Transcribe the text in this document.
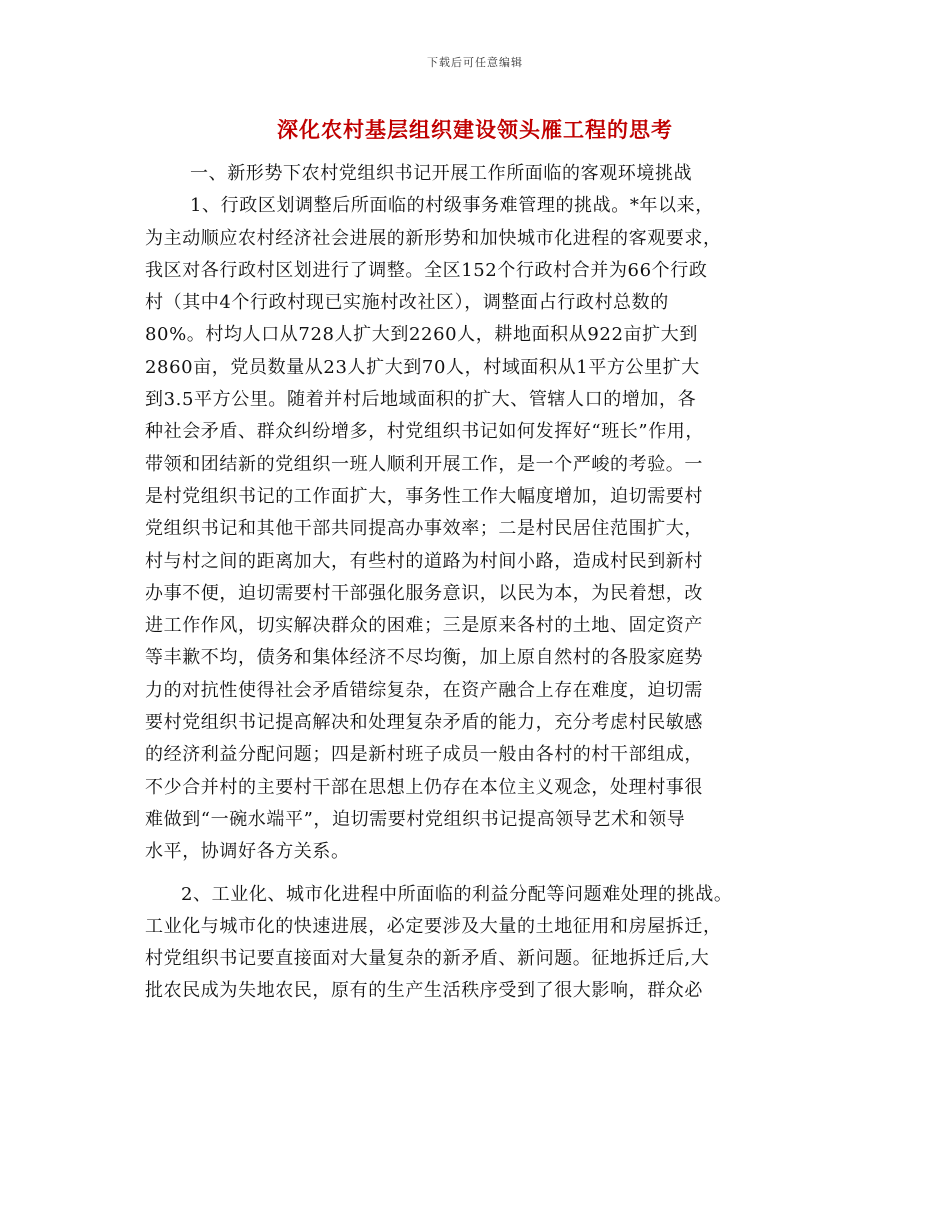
下载后可任意编辑
深化农村基层组织建设领头雁工程的思考
一、新形势下农村党组织书记开展工作所面临的客观环境挑战
1、行政区划调整后所面临的村级事务难管理的挑战。*年以来，
为主动顺应农村经济社会进展的新形势和加快城市化进程的客观要求，
我区对各行政村区划进行了调整。全区152个行政村合并为66个行政
村（其中4个行政村现已实施村改社区），调整面占行政村总数的
80%。村均人口从728人扩大到2260人，耕地面积从922亩扩大到
2860亩，党员数量从23人扩大到70人，村域面积从1平方公里扩大
到3.5平方公里。随着并村后地域面积的扩大、管辖人口的增加，各
种社会矛盾、群众纠纷增多，村党组织书记如何发挥好“班长”作用，
带领和团结新的党组织一班人顺利开展工作，是一个严峻的考验。一
是村党组织书记的工作面扩大，事务性工作大幅度增加，迫切需要村
党组织书记和其他干部共同提高办事效率；二是村民居住范围扩大，
村与村之间的距离加大，有些村的道路为村间小路，造成村民到新村
办事不便，迫切需要村干部强化服务意识，以民为本，为民着想，改
进工作作风，切实解决群众的困难；三是原来各村的土地、固定资产
等丰歉不均，债务和集体经济不尽均衡，加上原自然村的各股家庭势
力的对抗性使得社会矛盾错综复杂，在资产融合上存在难度，迫切需
要村党组织书记提高解决和处理复杂矛盾的能力，充分考虑村民敏感
的经济利益分配问题；四是新村班子成员一般由各村的村干部组成，
不少合并村的主要村干部在思想上仍存在本位主义观念，处理村事很
难做到“一碗水端平”，迫切需要村党组织书记提高领导艺术和领导
水平，协调好各方关系。
2、工业化、城市化进程中所面临的利益分配等问题难处理的挑战。
工业化与城市化的快速进展，必定要涉及大量的土地征用和房屋拆迁，
村党组织书记要直接面对大量复杂的新矛盾、新问题。征地拆迁后,大
批农民成为失地农民，原有的生产生活秩序受到了很大影响，群众必
